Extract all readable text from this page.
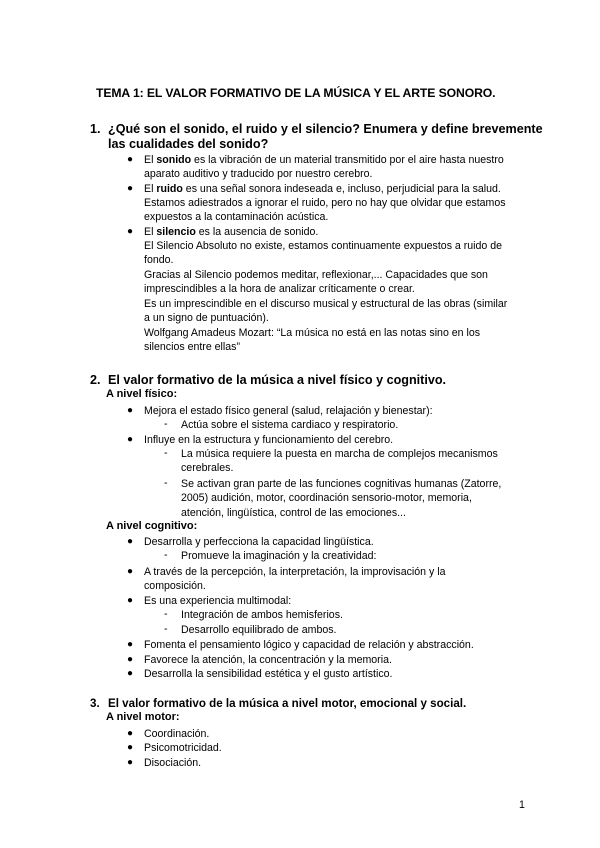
TEMA 1: EL VALOR FORMATIVO DE LA MÚSICA Y EL ARTE SONORO.
1. ¿Qué son el sonido, el ruido y el silencio? Enumera y define brevemente
las cualidades del sonido?
● El sonido es la vibración de un material transmitido por el aire hasta nuestro
aparato auditivo y traducido por nuestro cerebro.
● El ruido es una señal sonora indeseada e, incluso, perjudicial para la salud.
Estamos adiestrados a ignorar el ruido, pero no hay que olvidar que estamos
expuestos a la contaminación acústica.
● El silencio es la ausencia de sonido.
El Silencio Absoluto no existe, estamos continuamente expuestos a ruido de
fondo.
Gracias al Silencio podemos meditar, reflexionar,... Capacidades que son
imprescindibles a la hora de analizar críticamente o crear.
Es un imprescindible en el discurso musical y estructural de las obras (similar
a un signo de puntuación).
Wolfgang Amadeus Mozart: “La música no está en las notas sino en los
silencios entre ellas”
2. El valor formativo de la música a nivel físico y cognitivo.
A nivel físico:
● Mejora el estado físico general (salud, relajación y bienestar):
- Actúa sobre el sistema cardiaco y respiratorio.
● Influye en la estructura y funcionamiento del cerebro.
- La música requiere la puesta en marcha de complejos mecanismos
cerebrales.
- Se activan gran parte de las funciones cognitivas humanas (Zatorre,
2005) audición, motor, coordinación sensorio-motor, memoria,
atención, lingüística, control de las emociones...
A nivel cognitivo:
● Desarrolla y perfecciona la capacidad lingüística.
- Promueve la imaginación y la creatividad:
● A través de la percepción, la interpretación, la improvisación y la
composición.
● Es una experiencia multimodal:
- Integración de ambos hemisferios.
- Desarrollo equilibrado de ambos.
● Fomenta el pensamiento lógico y capacidad de relación y abstracción.
● Favorece la atención, la concentración y la memoria.
● Desarrolla la sensibilidad estética y el gusto artístico.
3. El valor formativo de la música a nivel motor, emocional y social.
A nivel motor:
● Coordinación.
● Psicomotricidad.
● Disociación.
1
